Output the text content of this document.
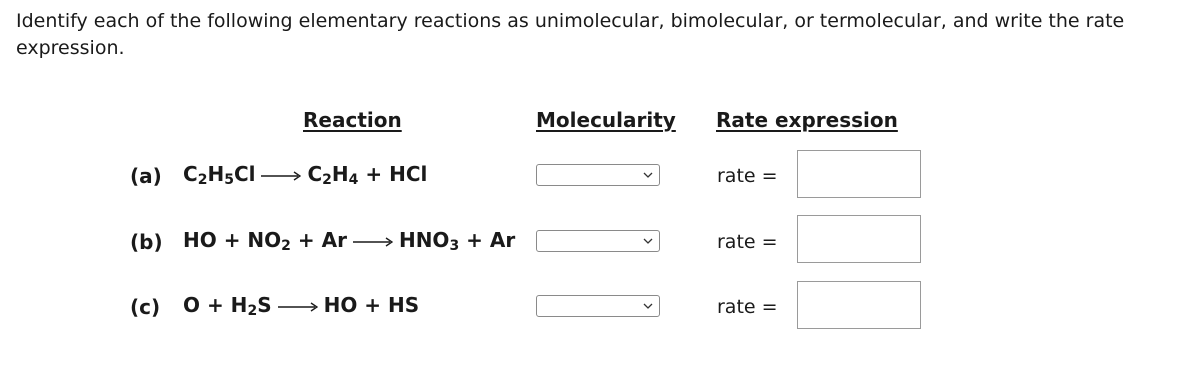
Identify each of the following elementary reactions as unimolecular, bimolecular, or termolecular, and write the rate expression.
Reaction	Molecularity Rate expression
(a) $C_2H_5Cl \to C_2H_4$ + HCl	rate =
(b) HO + $NO_2 + Ar \to HNO_3 + Ar$	rate =
(c) $O + H_2S$ → HO + HS	rate =
